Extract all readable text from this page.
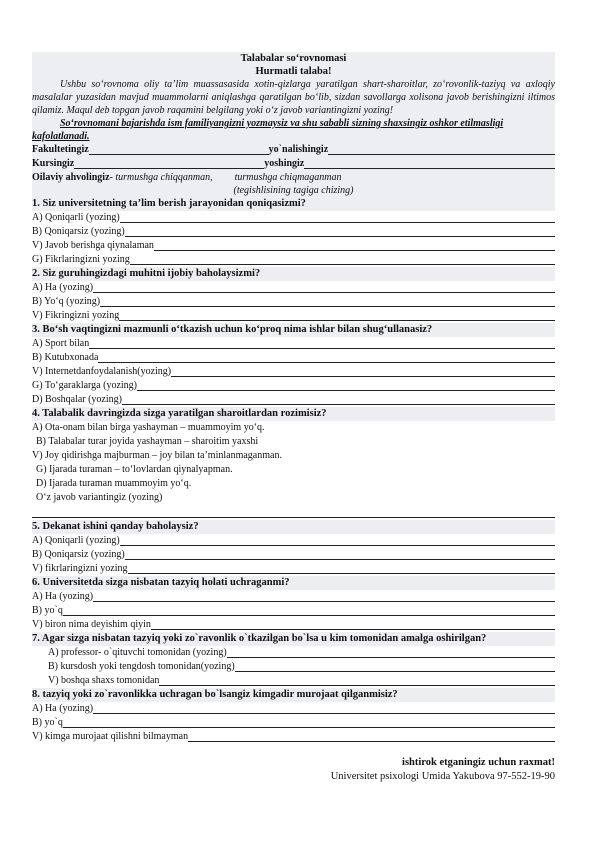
Talabalar so‘rovnomasi
Hurmatli talaba!

Ushbu so‘rovnoma oliy ta’lim muassasasida xotin-qizlarga yaratilgan shart-sharoitlar, zo‘rovonlik-taziyq va axloqiy masalalar yuzasidan mavjud muammolarni aniqlashga qaratilgan bo‘lib, sizdan savollarga xolisona javob berishingizni iltimos qilamiz. Maqul deb topgan javob raqamini belgilang yoki o‘z javob variantingizni yozing!

So‘rovnomani bajarishda ism familiyangizni yozmaysiz va shu sababli sizning shaxsingiz oshkor etilmasligi kafolatlanadi.

Fakultetingiz	yo`nalishingiz
Kursingiz	yoshingiz
Oilaviy ahvolingiz- turmushga chiqqanman, turmushga chiqmaganman
(tegishlisining tagiga chizing)
1. Siz universitetning ta’lim berish jarayonidan qoniqasizmi?
A) Qoniqarli (yozing)
B) Qoniqarsiz (yozing)
V) Javob berishga qiynalaman
G) Fikrlaringizni yozing
2. Siz guruhingizdagi muhitni ijobiy baholaysizmi?
A) Ha (yozing)
B) Yo‘q (yozing)
V) Fikringizni yozing
3. Bo‘sh vaqtingizni mazmunli o‘tkazish uchun ko‘proq nima ishlar bilan shug‘ullanasiz?
A) Sport bilan
B) Kutubxonada
V) Internetdanfoydalanish(yozing)
G) To‘garaklarga (yozing)
D) Boshqalar (yozing)
4. Talabalik davringizda sizga yaratilgan sharoitlardan rozimisiz?
A) Ota-onam bilan birga yashayman – muammoyim yo‘q.
B) Talabalar turar joyida yashayman – sharoitim yaxshi
V) Joy qidirishga majburman – joy bilan ta’minlanmaganman.
G) Ijarada turaman – to‘lovlardan qiynalyapman.
D) Ijarada turaman muammoyim yo‘q.
O‘z javob variantingiz (yozing)
5. Dekanat ishini qanday baholaysiz?
A) Qoniqarli (yozing)
B) Qoniqarsiz (yozing)
V) fikrlaringizni yozing
6. Universitetda sizga nisbatan tazyiq holati uchraganmi?
A) Ha (yozing)
B) yo`q
V) biron nima deyishim qiyin
7. Agar sizga nisbatan tazyiq yoki zo`ravonlik o`tkazilgan bo`lsa u kim tomonidan amalga oshirilgan?
A) professor- o`qituvchi tomonidan (yozing)
B) kursdosh yoki tengdosh tomonidan(yozing)
V) boshqa shaxs tomonidan
8. tazyiq yoki zo`ravonlikka uchragan bo`lsangiz kimgadir murojaat qilganmisiz?
A) Ha (yozing)
B) yo`q
V) kimga murojaat qilishni bilmayman
ishtirok etganingiz uchun raxmat!
Universitet psixologi Umida Yakubova 97-552-19-90
